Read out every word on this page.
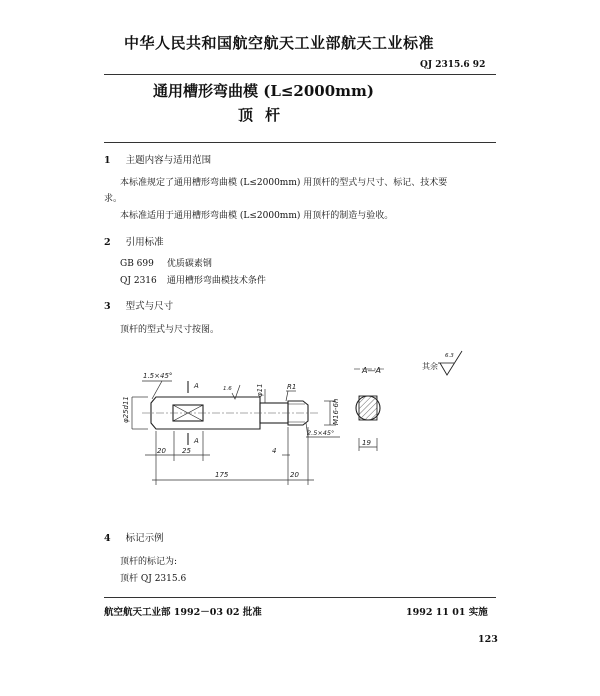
中华人民共和国航空航天工业部航天工业标准
QJ 2315.6 92
通用槽形弯曲模 (L≤2000mm)
顶杆
1 主题内容与适用范围
本标准规定了通用槽形弯曲模 (L≤2000mm) 用顶杆的型式与尺寸、标记、技术要
求。
本标准适用于通用槽形弯曲模 (L≤2000mm) 用顶杆的制造与验收。
2 引用标准
GB 699 优质碳素钢
QJ 2316 通用槽形弯曲模技术条件
3 型式与尺寸
顶杆的型式与尺寸按图。
1.5×45°
A
A
1.6
φ25d11
φ11	R1
M16-6h
2.5×45°
20 25	4
175	20
19
A—A	其余
6.3
4 标记示例
顶杆的标记为:
顶杆 QJ 2315.6
航空航天工业部 1992－03 02 批准	1992 11 01 实施
123
